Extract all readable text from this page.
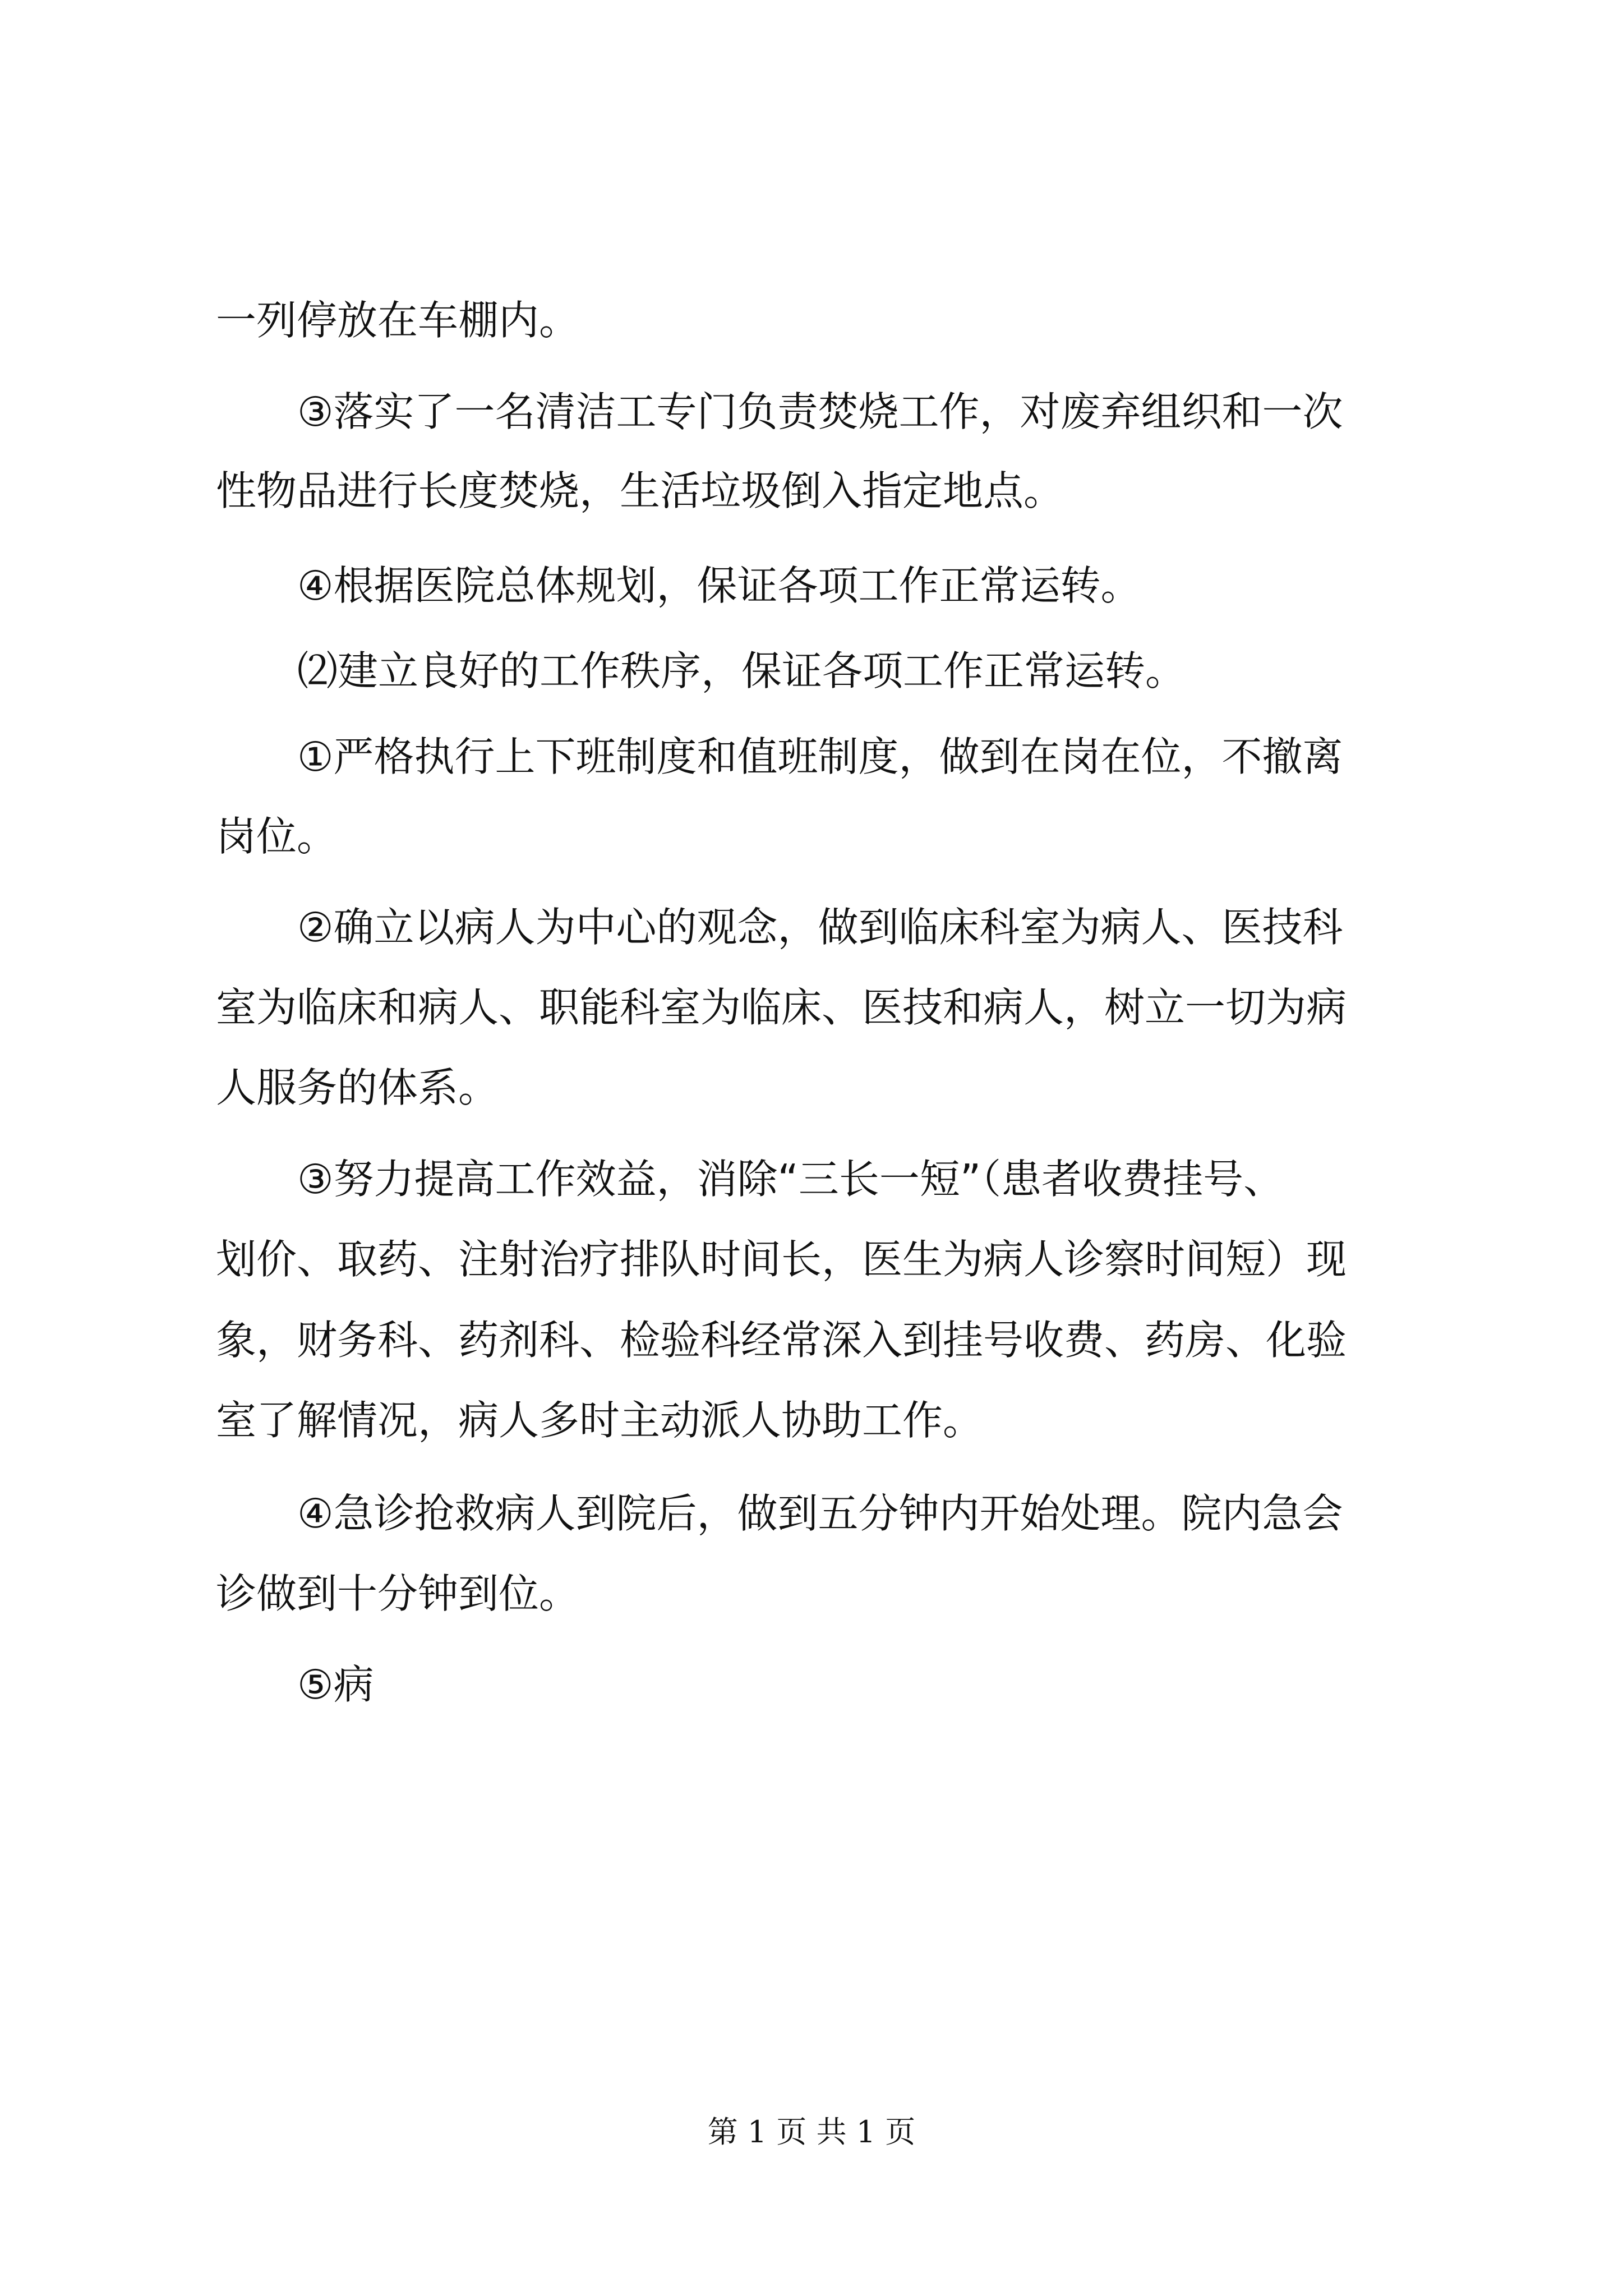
一列停放在车棚内。
③落实了一名清洁工专门负责焚烧工作，对废弃组织和一次
性物品进行长度焚烧，生活垃圾倒入指定地点。
④根据医院总体规划，保证各项工作正常运转。
⑵建立良好的工作秩序，保证各项工作正常运转。
①严格执行上下班制度和值班制度，做到在岗在位，不撤离
岗位。
②确立以病人为中心的观念，做到临床科室为病人、医技科
室为临床和病人、职能科室为临床、医技和病人，树立一切为病
人服务的体系。
③努力提高工作效益，消除“三长一短”（患者收费挂号、
划价、取药、注射治疗排队时间长，医生为病人诊察时间短）现
象，财务科、药剂科、检验科经常深入到挂号收费、药房、化验
室了解情况，病人多时主动派人协助工作。
④急诊抢救病人到院后，做到五分钟内开始处理。院内急会
诊做到十分钟到位。
⑤病
第 1 页 共 1 页
